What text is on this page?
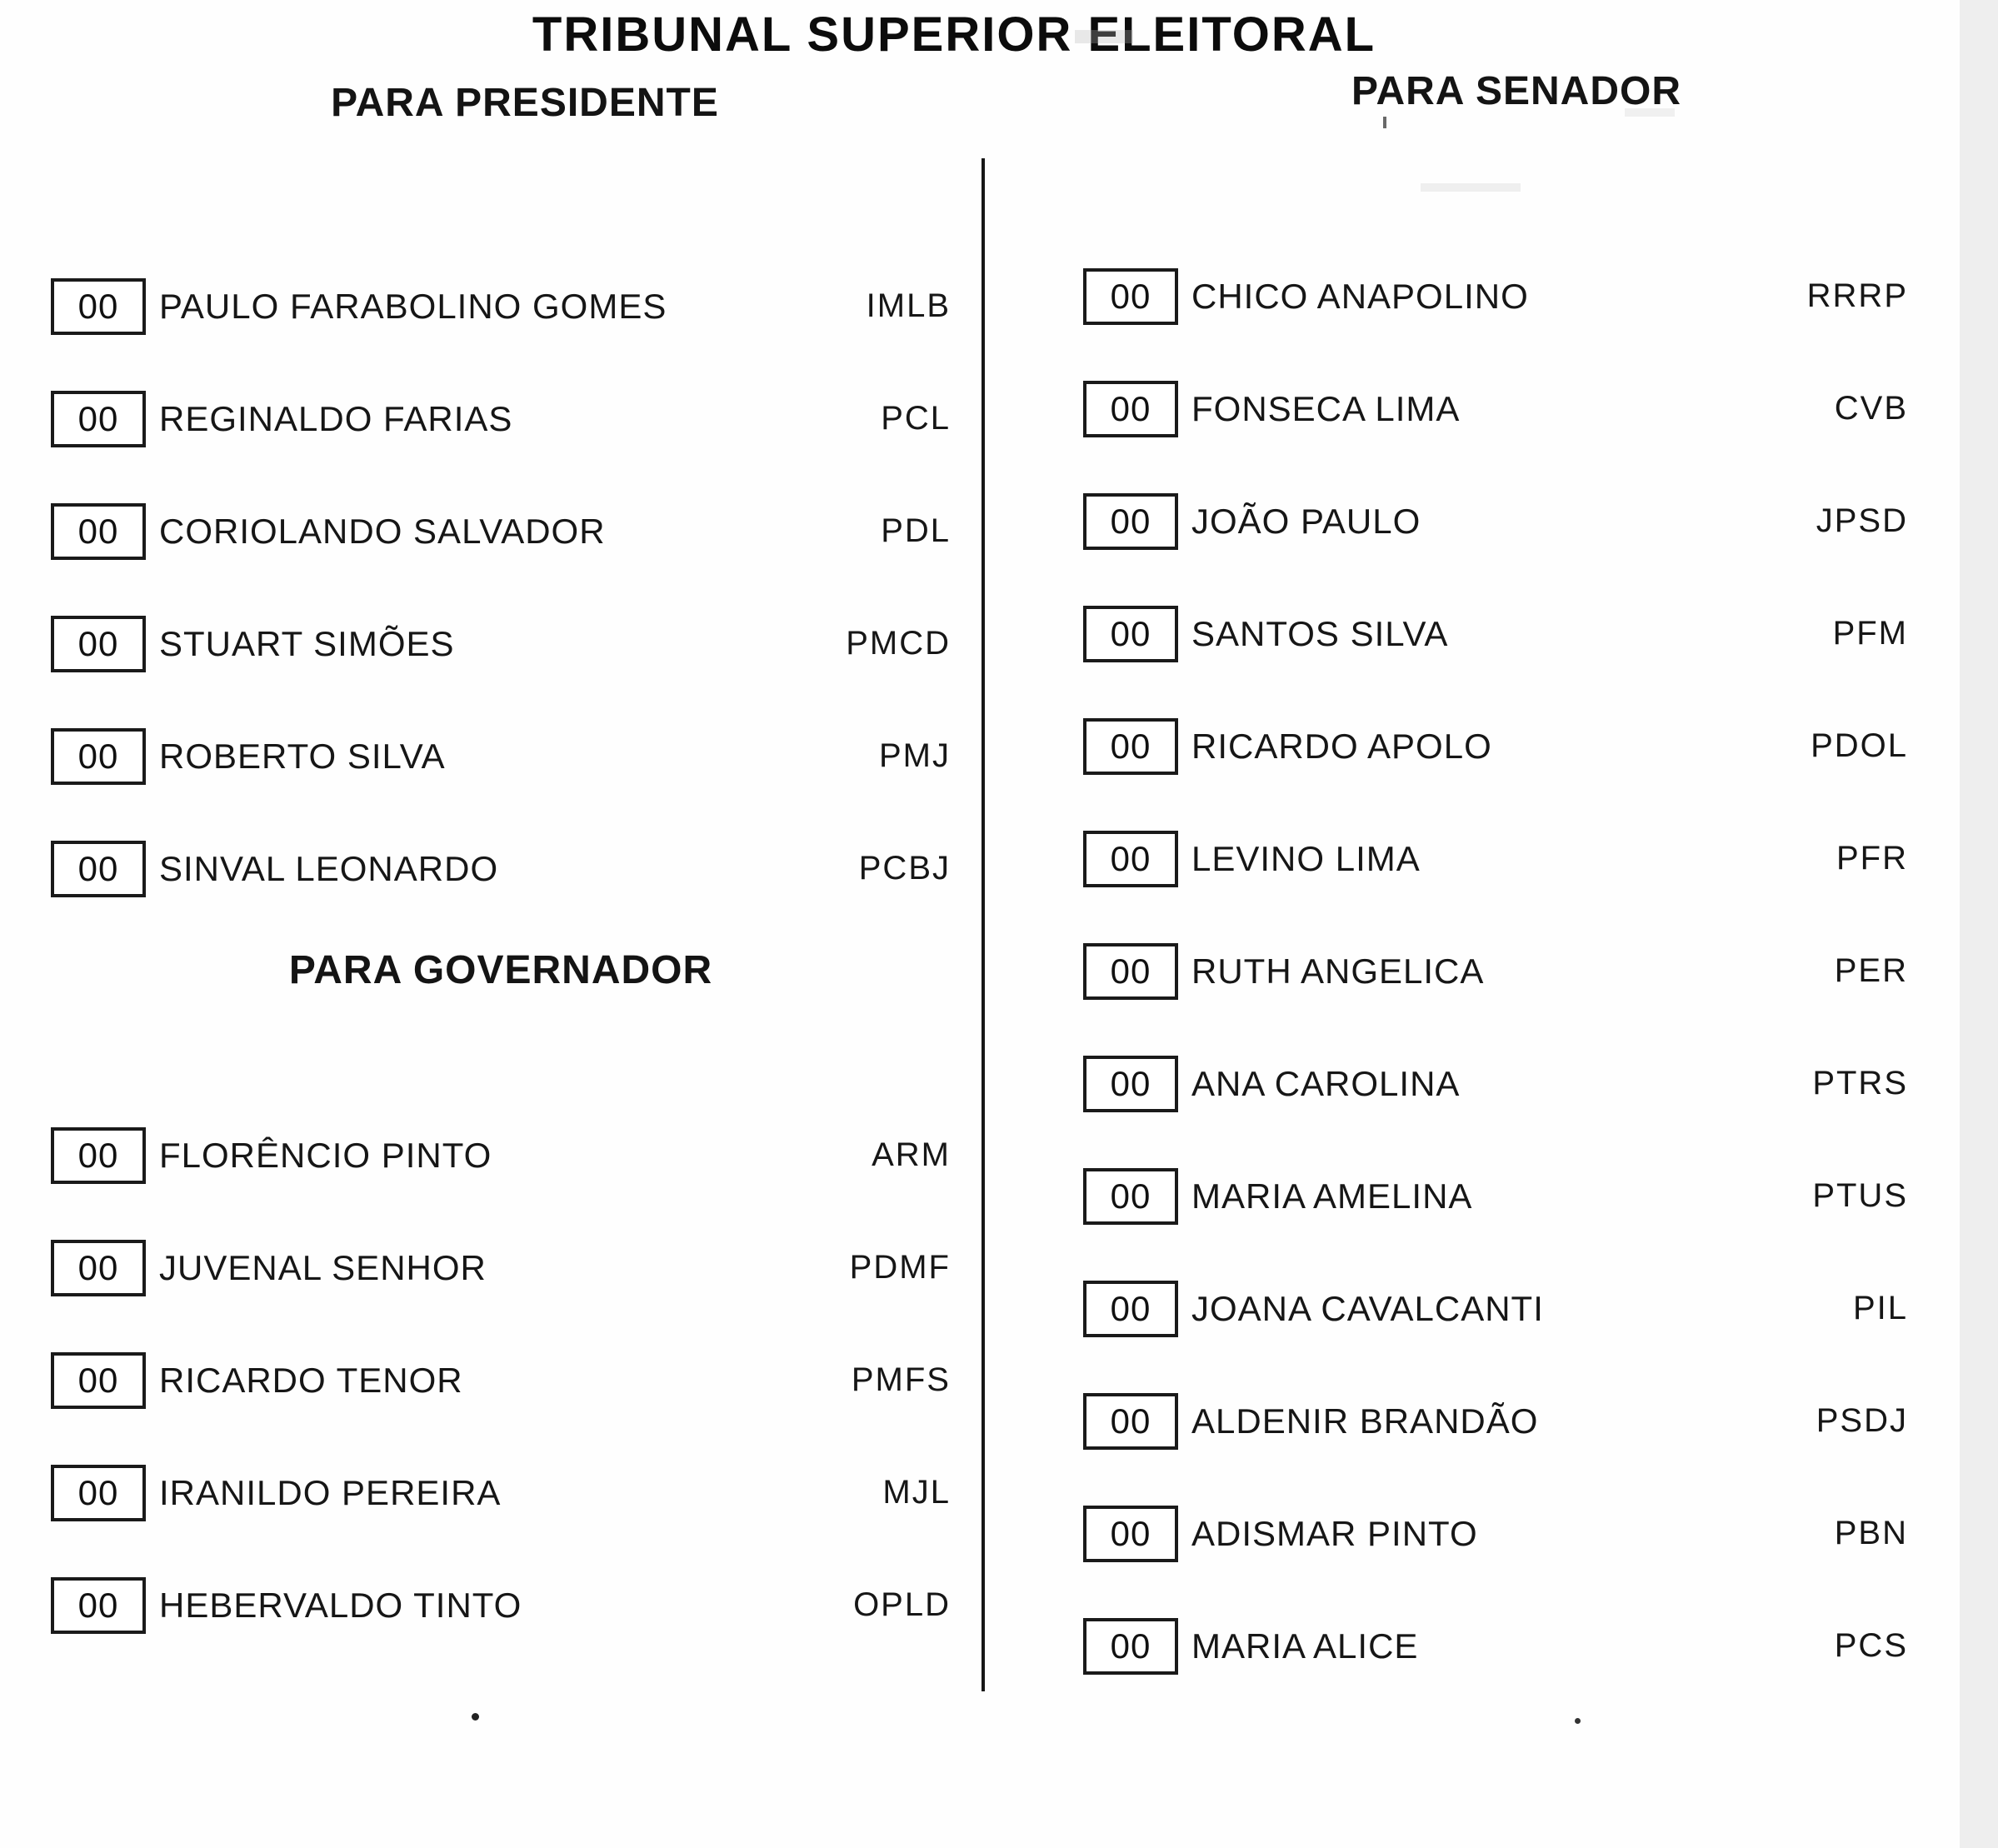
TRIBUNAL SUPERIOR ELEITORAL
PARA PRESIDENTE	PARA SENADOR
00	PAULO FARABOLINO GOMES	IMLB
00	REGINALDO FARIAS	PCL
00	CORIOLANDO SALVADOR	PDL
00	STUART SIMÕES	PMCD
00	ROBERTO SILVA	PMJ
00	SINVAL LEONARDO	PCBJ
PARA GOVERNADOR
00	FLORÊNCIO PINTO	ARM
00	JUVENAL SENHOR	PDMF
00	RICARDO TENOR	PMFS
00	IRANILDO PEREIRA	MJL
00	HEBERVALDO TINTO	OPLD
00	CHICO ANAPOLINO	RRRP
00	FONSECA LIMA	CVB
00	JOÃO PAULO	JPSD
00	SANTOS SILVA	PFM
00	RICARDO APOLO	PDOL
00	LEVINO LIMA	PFR
00	RUTH ANGELICA	PER
00	ANA CAROLINA	PTRS
00	MARIA AMELINA	PTUS
00	JOANA CAVALCANTI	PIL
00	ALDENIR BRANDÃO	PSDJ
00	ADISMAR PINTO	PBN
00	MARIA ALICE	PCS
